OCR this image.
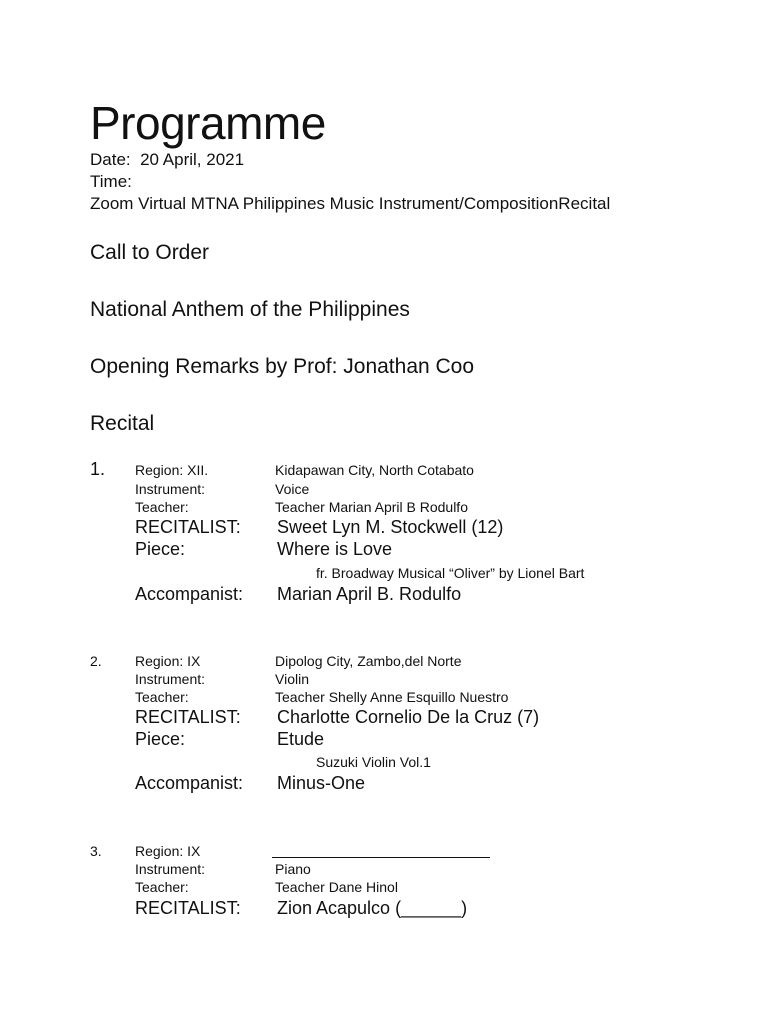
Programme
Date: 20 April, 2021
Time:
Zoom Virtual MTNA Philippines Music Instrument/CompositionRecital
Call to Order
National Anthem of the Philippines
Opening Remarks by Prof: Jonathan Coo
Recital
1. Region: XII.	Kidapawan City, North Cotabato
Instrument:	Voice
Teacher:	Teacher Marian April B Rodulfo
RECITALIST: Sweet Lyn M. Stockwell (12)
Piece:	Where is Love
fr. Broadway Musical “Oliver” by Lionel Bart
Accompanist: Marian April B. Rodulfo
2. Region: IX	Dipolog City, Zambo,del Norte
Instrument:	Violin
Teacher:	Teacher Shelly Anne Esquillo Nuestro
RECITALIST: Charlotte Cornelio De la Cruz (7)
Piece:	Etude
Suzuki Violin Vol.1
Accompanist: Minus-One
3. Region: IX
Instrument:	Piano
Teacher:	Teacher Dane Hinol
RECITALIST: Zion Acapulco (______)
